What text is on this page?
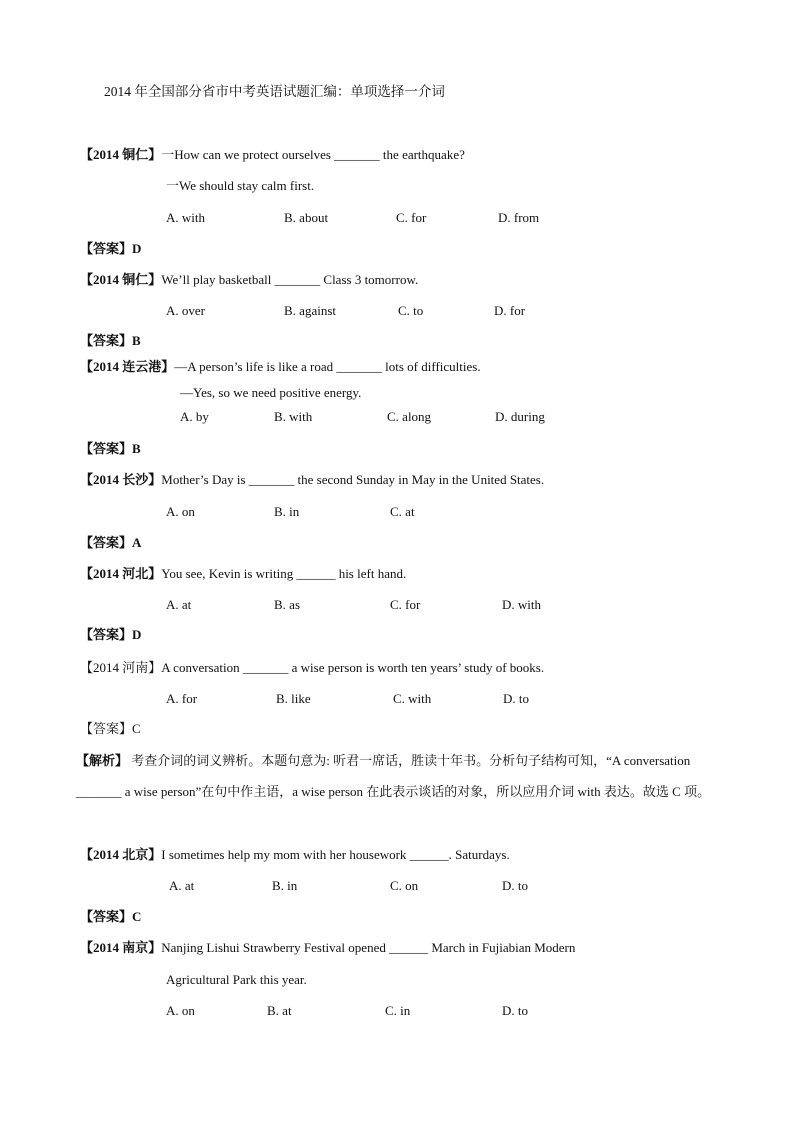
2014 年全国部分省市中考英语试题汇编：单项选择一介词
【2014 铜仁】一How can we protect ourselves _______ the earthquake?
一We should stay calm first.
A. with	B. about	C. for	D. from
【答案】D
【2014 铜仁】We’ll play basketball _______ Class 3 tomorrow.
A. over	B. against	C. to	D. for
【答案】B
【2014 连云港】—A person’s life is like a road _______ lots of difficulties.
—Yes, so we need positive energy.
A. by	B. with	C. along	D. during
【答案】B
【2014 长沙】Mother’s Day is _______ the second Sunday in May in the United States.
A. on	B. in	C. at
【答案】A
【2014 河北】You see, Kevin is writing ______ his left hand.
A. at	B. as	C. for	D. with
【答案】D
【2014 河南】A conversation _______ a wise person is worth ten years’ study of books.
A. for	B. like	C. with	D. to
【答案】C
【解析】 考查介词的词义辨析。本题句意为: 听君一席话，胜读十年书。分析句子结构可知，“A conversation _______ a wise person”在句中作主语，a wise person 在此表示谈话的对象，所以应用介词 with 表达。故选 C 项。
【2014 北京】I sometimes help my mom with her housework ______. Saturdays.
A. at	B. in	C. on	D. to
【答案】C
【2014 南京】Nanjing Lishui Strawberry Festival opened ______ March in Fujiabian Modern
Agricultural Park this year.
A. on	B. at	C. in	D. to
